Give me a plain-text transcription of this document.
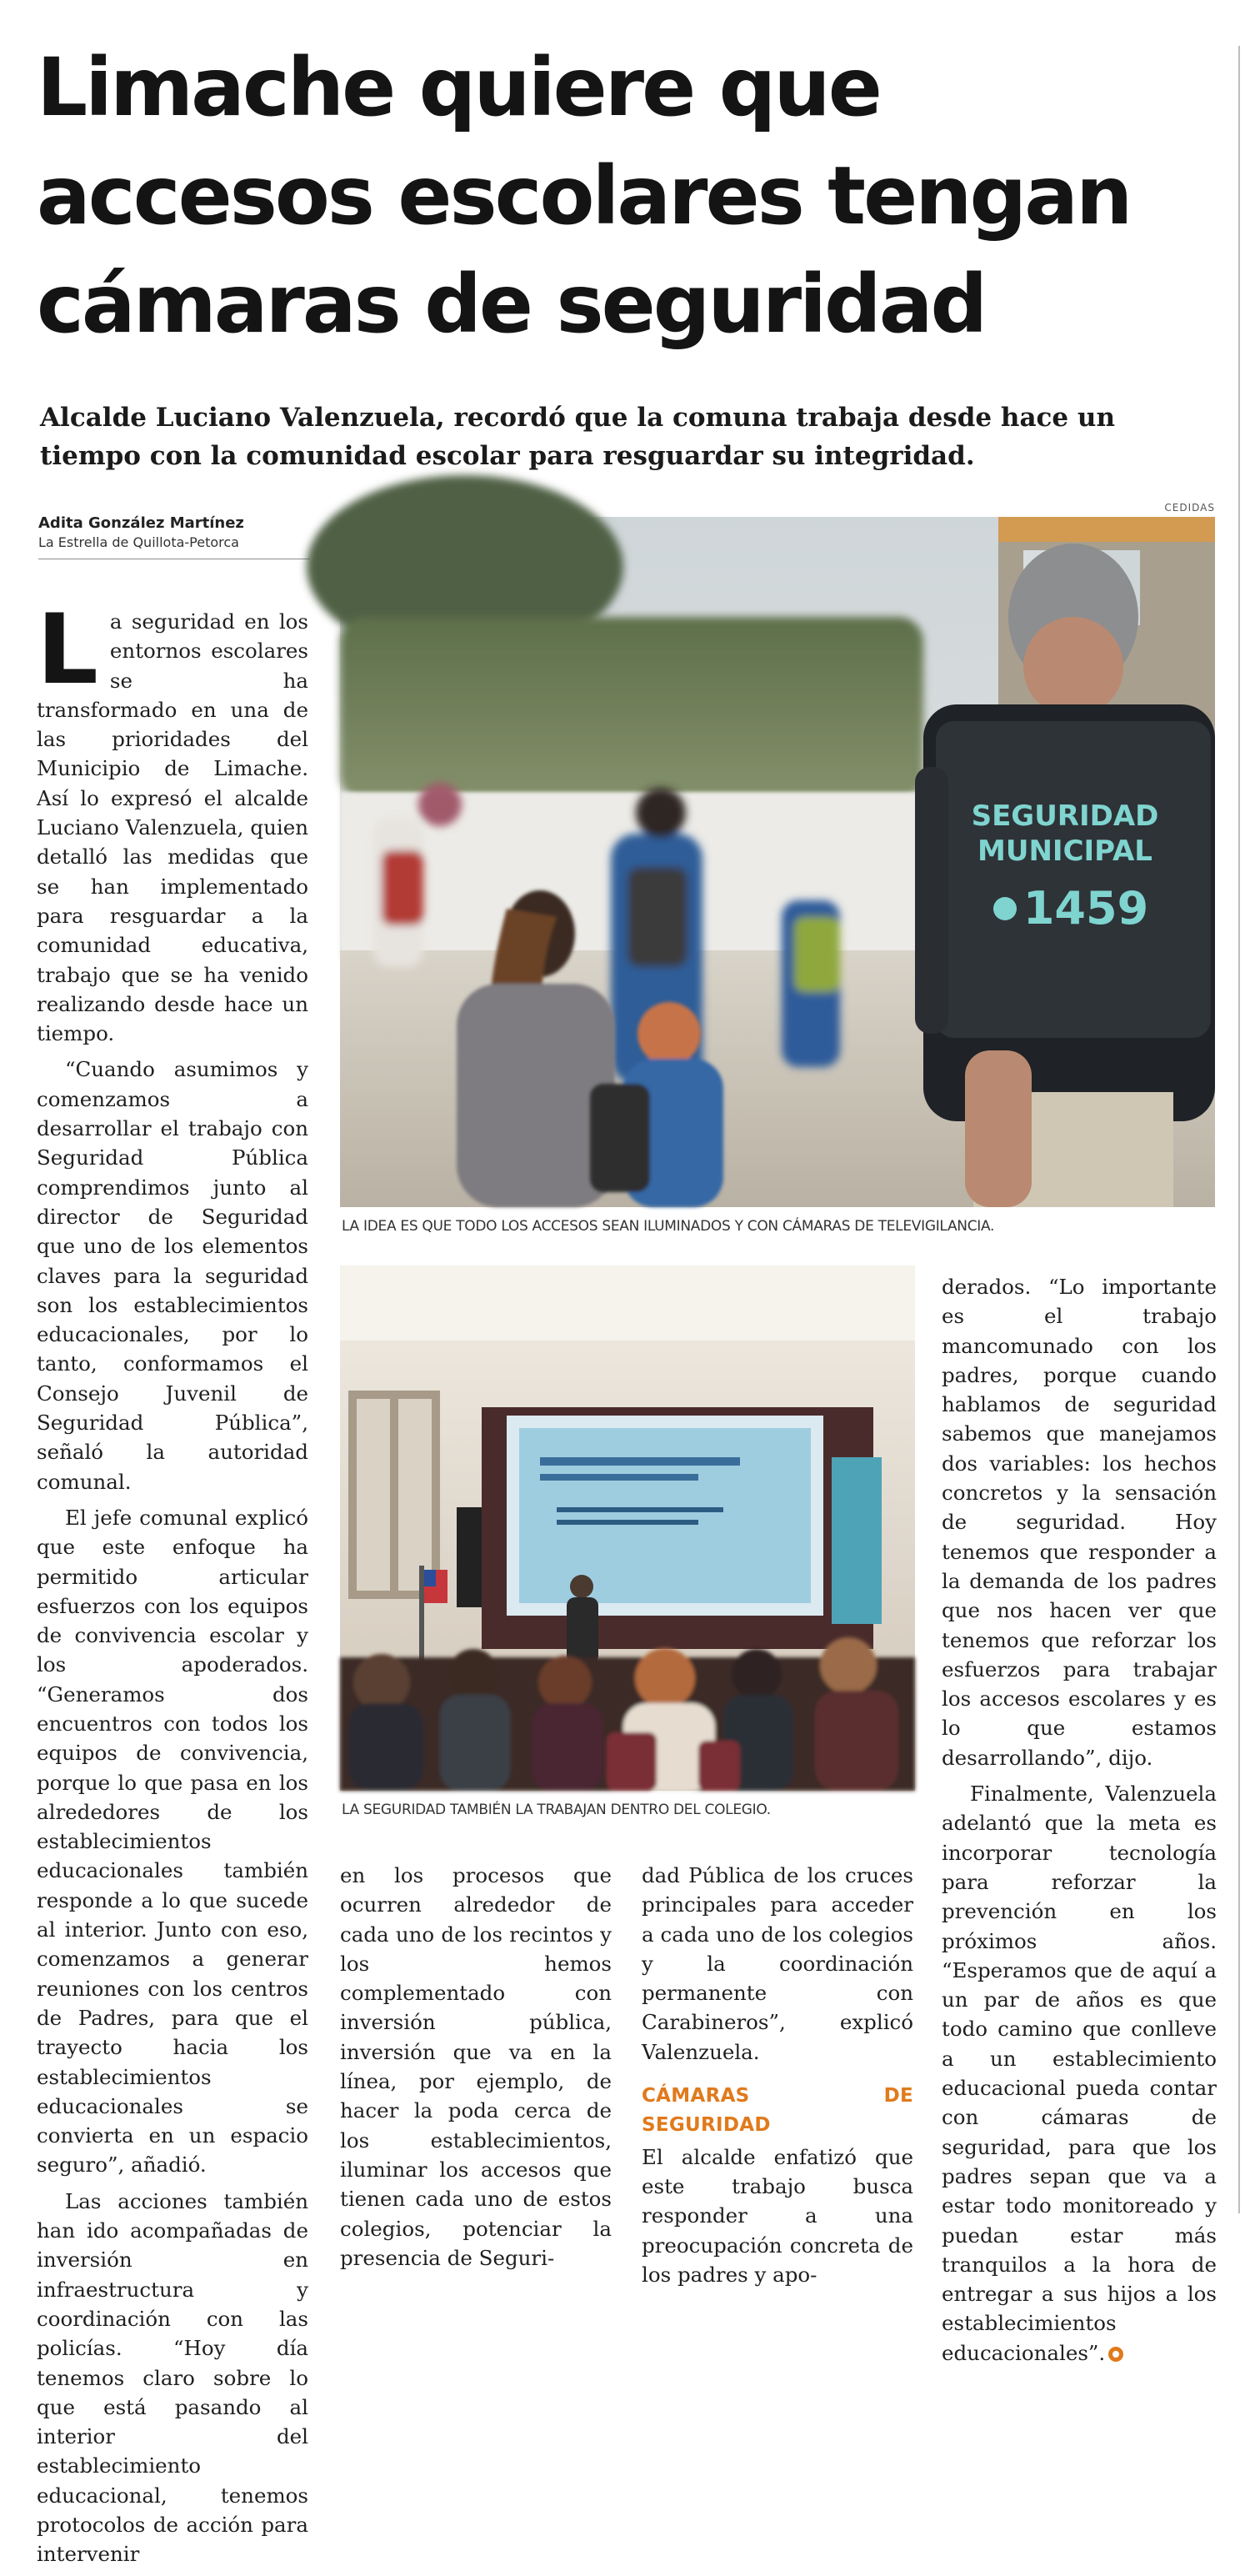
Limache quiere que accesos escolares tengan cámaras de seguridad

Alcalde Luciano Valenzuela, recordó que la comuna trabaja desde hace un tiempo con la comunidad escolar para resguardar su integridad.

Adita González Martínez
La Estrella de Quillota-Petorca
CEDIDAS
SEGURIDAD
MUNICIPAL
1459
LA IDEA ES QUE TODO LOS ACCESOS SEAN ILUMINADOS Y CON CÁMARAS DE TELEVIGILANCIA.
LA SEGURIDAD TAMBIÉN LA TRABAJAN DENTRO DEL COLEGIO.

La seguridad en los entornos escolares se ha transformado en una de las prioridades del Municipio de Limache. Así lo expresó el alcalde Luciano Valenzuela, quien detalló las medidas que se han implementado para resguardar a la comunidad educativa, trabajo que se ha venido realizando desde hace un tiempo.

“Cuando asumimos y comenzamos a desarrollar el trabajo con Seguridad Pública comprendimos junto al director de Seguridad que uno de los elementos claves para la seguridad son los establecimientos educacionales, por lo tanto, conformamos el Consejo Juvenil de Seguridad Pública”, señaló la autoridad comunal.

El jefe comunal explicó que este enfoque ha permitido articular esfuerzos con los equipos de convivencia escolar y los apoderados. “Generamos dos encuentros con todos los equipos de convivencia, porque lo que pasa en los alrededores de los establecimientos educacionales también responde a lo que sucede al interior. Junto con eso, comenzamos a generar reuniones con los centros de Padres, para que el trayecto hacia los establecimientos educacionales se convierta en un espacio seguro”, añadió.

Las acciones también han ido acompañadas de inversión en infraestructura y coordinación con las policías. “Hoy día tenemos claro sobre lo que está pasando al interior del establecimiento educacional, tenemos protocolos de acción para intervenir

en los procesos que ocurren alrededor de cada uno de los recintos y los hemos complementado con inversión pública, inversión que va en la línea, por ejemplo, de hacer la poda cerca de los establecimientos, iluminar los accesos que tienen cada uno de estos colegios, potenciar la presencia de Seguri-

dad Pública de los cruces principales para acceder a cada uno de los colegios y la coordinación permanente con Carabineros”, explicó Valenzuela.

CÁMARAS DE SEGURIDAD

El alcalde enfatizó que este trabajo busca responder a una preocupación concreta de los padres y apo-

derados. “Lo importante es el trabajo mancomunado con los padres, porque cuando hablamos de seguridad sabemos que manejamos dos variables: los hechos concretos y la sensación de seguridad. Hoy tenemos que responder a la demanda de los padres que nos hacen ver que tenemos que reforzar los esfuerzos para trabajar los accesos escolares y es lo que estamos desarrollando”, dijo.

Finalmente, Valenzuela adelantó que la meta es incorporar tecnología para reforzar la prevención en los próximos años. “Esperamos que de aquí a un par de años es que todo camino que conlleve a un establecimiento educacional pueda contar con cámaras de seguridad, para que los padres sepan que va a estar todo monitoreado y puedan estar más tranquilos a la hora de entregar a sus hijos a los establecimientos educacionales”.
